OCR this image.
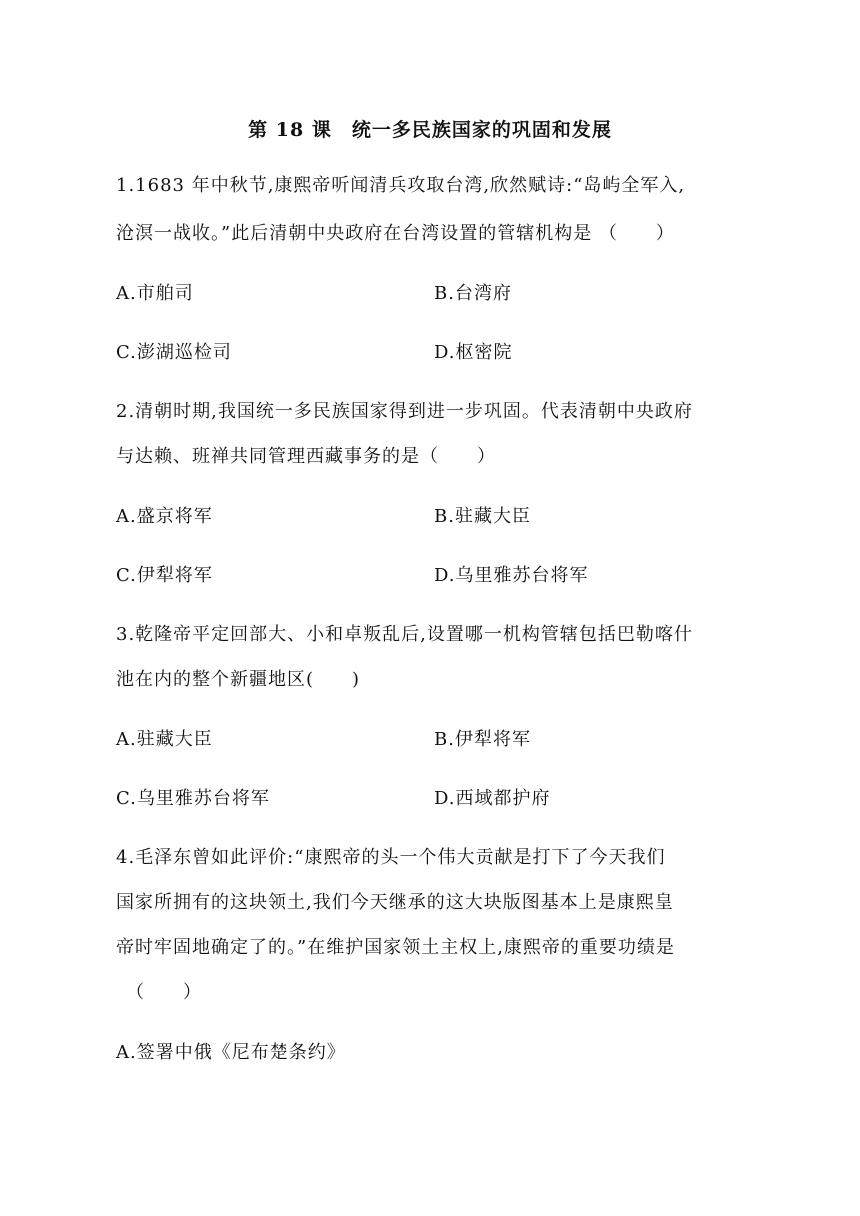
第 18 课　统一多民族国家的巩固和发展
1.1683 年中秋节,康熙帝听闻清兵攻取台湾,欣然赋诗:“岛屿全军入,
沧溟一战收。”此后清朝中央政府在台湾设置的管辖机构是 （　　）
A.市舶司	B.台湾府
C.澎湖巡检司	D.枢密院
2.清朝时期,我国统一多民族国家得到进一步巩固。代表清朝中央政府
与达赖、班禅共同管理西藏事务的是（　　）
A.盛京将军	B.驻藏大臣
C.伊犁将军	D.乌里雅苏台将军
3.乾隆帝平定回部大、小和卓叛乱后,设置哪一机构管辖包括巴勒喀什
池在内的整个新疆地区(　　)
A.驻藏大臣	B.伊犁将军
C.乌里雅苏台将军	D.西域都护府
4.毛泽东曾如此评价:“康熙帝的头一个伟大贡献是打下了今天我们
国家所拥有的这块领土,我们今天继承的这大块版图基本上是康熙皇
帝时牢固地确定了的。”在维护国家领土主权上,康熙帝的重要功绩是
　（　　）
A.签署中俄《尼布楚条约》
